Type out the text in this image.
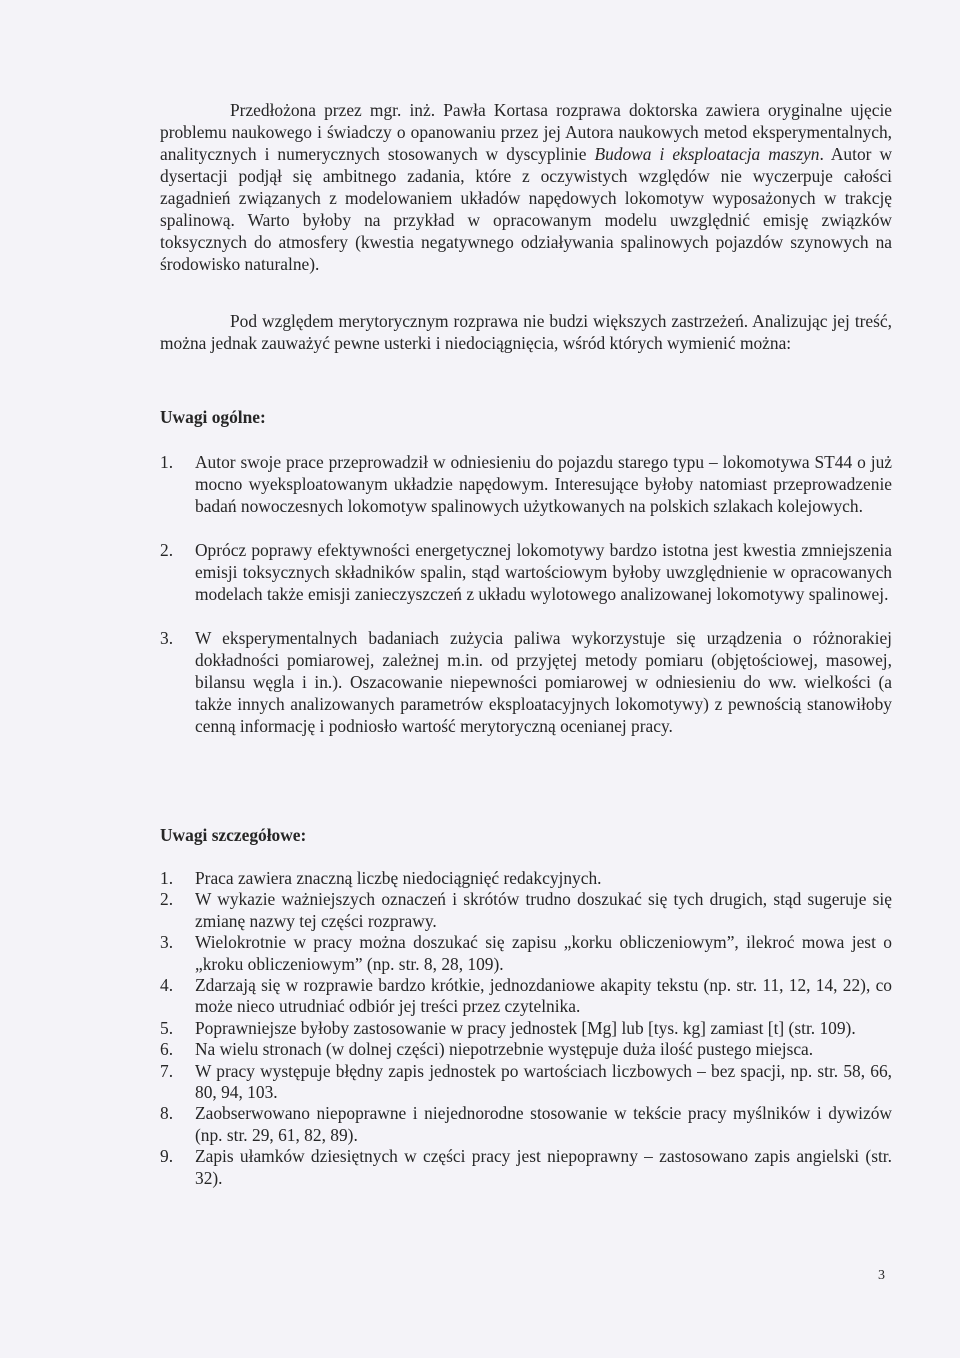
Przedłożona przez mgr. inż. Pawła Kortasa rozprawa doktorska zawiera oryginalne ujęcie problemu naukowego i świadczy o opanowaniu przez jej Autora naukowych metod eksperymentalnych, analitycznych i numerycznych stosowanych w dyscyplinie Budowa i eksploatacja maszyn. Autor w dysertacji podjął się ambitnego zadania, które z oczywistych względów nie wyczerpuje całości zagadnień związanych z modelowaniem układów napędowych lokomotyw wyposażonych w trakcję spalinową. Warto byłoby na przykład w opracowanym modelu uwzględnić emisję związków toksycznych do atmosfery (kwestia negatywnego odziaływania spalinowych pojazdów szynowych na środowisko naturalne).

Pod względem merytorycznym rozprawa nie budzi większych zastrzeżeń. Analizując jej treść, można jednak zauważyć pewne usterki i niedociągnięcia, wśród których wymienić można:

Uwagi ogólne:
1. Autor swoje prace przeprowadził w odniesieniu do pojazdu starego typu – lokomotywa ST44 o już mocno wyeksploatowanym układzie napędowym. Interesujące byłoby natomiast przeprowadzenie badań nowoczesnych lokomotyw spalinowych użytkowanych na polskich szlakach kolejowych.
2. Oprócz poprawy efektywności energetycznej lokomotywy bardzo istotna jest kwestia zmniejszenia emisji toksycznych składników spalin, stąd wartościowym byłoby uwzględnienie w opracowanych modelach także emisji zanieczyszczeń z układu wylotowego analizowanej lokomotywy spalinowej.
3. W eksperymentalnych badaniach zużycia paliwa wykorzystuje się urządzenia o różnorakiej dokładności pomiarowej, zależnej m.in. od przyjętej metody pomiaru (objętościowej, masowej, bilansu węgla i in.). Oszacowanie niepewności pomiarowej w odniesieniu do ww. wielkości (a także innych analizowanych parametrów eksploatacyjnych lokomotywy) z pewnością stanowiłoby cenną informację i podniosło wartość merytoryczną ocenianej pracy.
Uwagi szczegółowe:
1. Praca zawiera znaczną liczbę niedociągnięć redakcyjnych.
2. W wykazie ważniejszych oznaczeń i skrótów trudno doszukać się tych drugich, stąd sugeruje się zmianę nazwy tej części rozprawy.
3. Wielokrotnie w pracy można doszukać się zapisu „korku obliczeniowym”, ilekroć mowa jest o „kroku obliczeniowym” (np. str. 8, 28, 109).
4. Zdarzają się w rozprawie bardzo krótkie, jednozdaniowe akapity tekstu (np. str. 11, 12, 14, 22), co może nieco utrudniać odbiór jej treści przez czytelnika.
5. Poprawniejsze byłoby zastosowanie w pracy jednostek [Mg] lub [tys. kg] zamiast [t] (str. 109).
6. Na wielu stronach (w dolnej części) niepotrzebnie występuje duża ilość pustego miejsca.
7. W pracy występuje błędny zapis jednostek po wartościach liczbowych – bez spacji, np. str. 58, 66, 80, 94, 103.
8. Zaobserwowano niepoprawne i niejednorodne stosowanie w tekście pracy myślników i dywizów (np. str. 29, 61, 82, 89).
9. Zapis ułamków dziesiętnych w części pracy jest niepoprawny – zastosowano zapis angielski (str. 32).

3
